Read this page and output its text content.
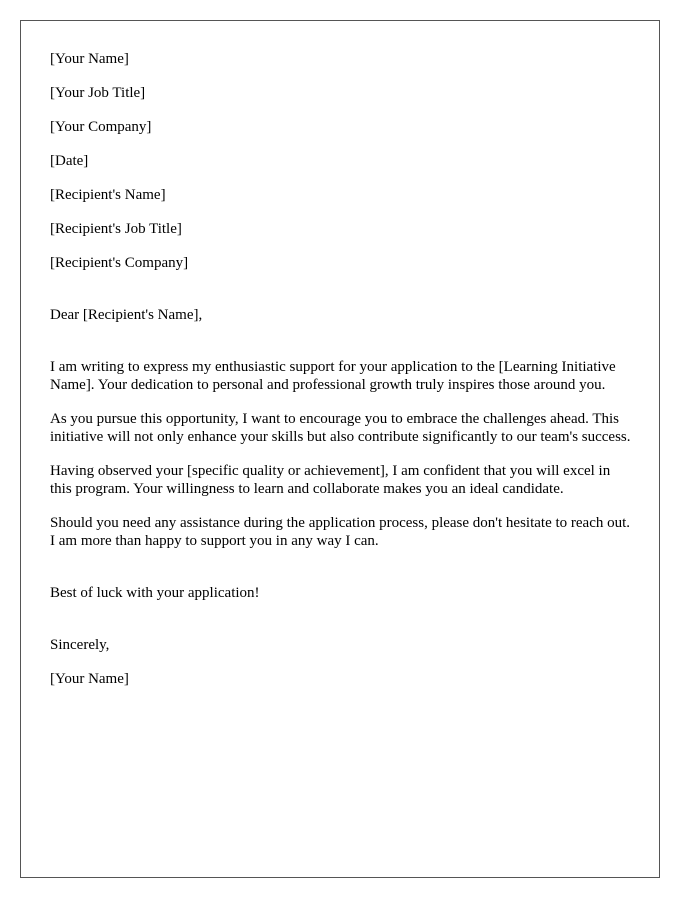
[Your Name]
[Your Job Title]
[Your Company]
[Date]
[Recipient's Name]
[Recipient's Job Title]
[Recipient's Company]
Dear [Recipient's Name],

I am writing to express my enthusiastic support for your application to the [Learning Initiative Name]. Your dedication to personal and professional growth truly inspires those around you.

As you pursue this opportunity, I want to encourage you to embrace the challenges ahead. This initiative will not only enhance your skills but also contribute significantly to our team's success.

Having observed your [specific quality or achievement], I am confident that you will excel in this program. Your willingness to learn and collaborate makes you an ideal candidate.

Should you need any assistance during the application process, please don't hesitate to reach out. I am more than happy to support you in any way I can.

Best of luck with your application!
Sincerely,
[Your Name]
